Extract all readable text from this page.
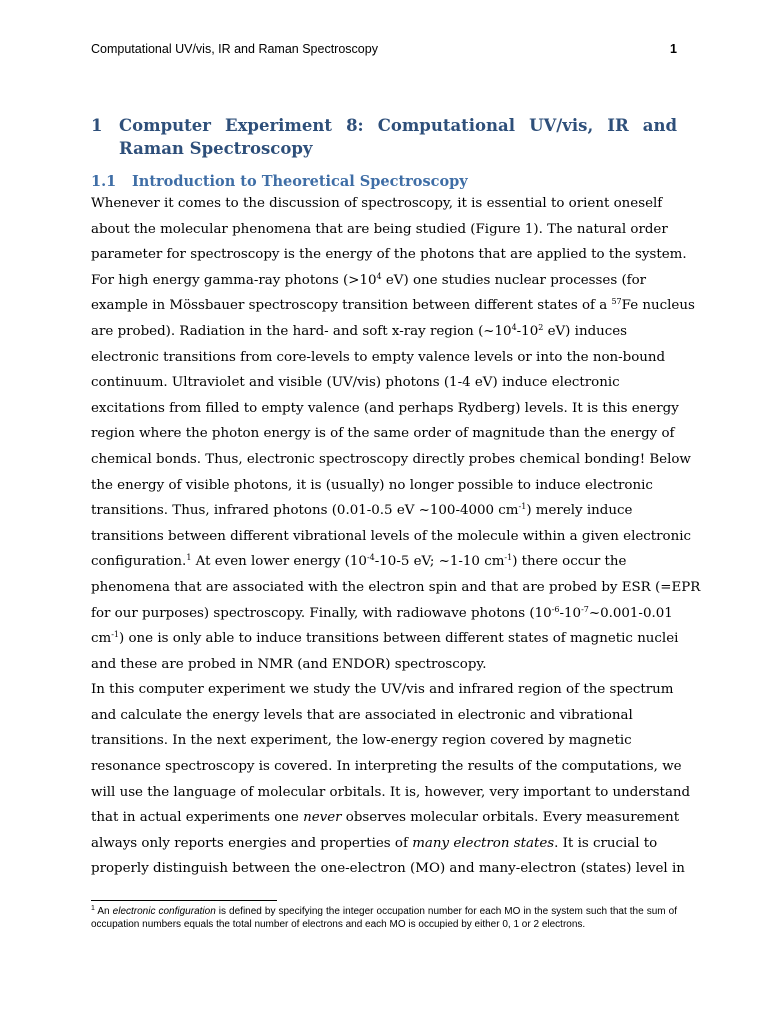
Computational UV/vis, IR and Raman Spectroscopy	1
1 Computer Experiment 8: Computational UV/vis, IR and Raman Spectroscopy
1.1 Introduction to Theoretical Spectroscopy
Whenever it comes to the discussion of spectroscopy, it is essential to orient oneself
about the molecular phenomena that are being studied (Figure 1). The natural order
parameter for spectroscopy is the energy of the photons that are applied to the system.
For high energy gamma-ray photons ($>10^4$ eV) one studies nuclear processes (for
example in Mössbauer spectroscopy transition between different states of a $^{57}$Fe nucleus
are probed). Radiation in the hard- and soft x-ray region ($\sim 10^4-10^2$ eV) induces
electronic transitions from core-levels to empty valence levels or into the non-bound
continuum. Ultraviolet and visible (UV/vis) photons (1-4 eV) induce electronic
excitations from filled to empty valence (and perhaps Rydberg) levels. It is this energy
region where the photon energy is of the same order of magnitude than the energy of
chemical bonds. Thus, electronic spectroscopy directly probes chemical bonding! Below
the energy of visible photons, it is (usually) no longer possible to induce electronic
transitions. Thus, infrared photons (0.01-0.5 eV ~100-4000 $cm^{-1}$) merely induce
transitions between different vibrational levels of the molecule within a given electronic
configuration.$^1$ At even lower energy ($10^{-4}-10-5$ eV; ~1-10 $cm^{-1}$) there occur the
phenomena that are associated with the electron spin and that are probed by ESR (=EPR
for our purposes) spectroscopy. Finally, with radiowave photons ($10^{-6}-10^{-7}\sim 0.001-0.01$
$cm^{-1}$) one is only able to induce transitions between different states of magnetic nuclei
and these are probed in NMR (and ENDOR) spectroscopy.
In this computer experiment we study the UV/vis and infrared region of the spectrum
and calculate the energy levels that are associated in electronic and vibrational
transitions. In the next experiment, the low-energy region covered by magnetic
resonance spectroscopy is covered. In interpreting the results of the computations, we
will use the language of molecular orbitals. It is, however, very important to understand
that in actual experiments one never observes molecular orbitals. Every measurement
always only reports energies and properties of many electron states. It is crucial to
properly distinguish between the one-electron (MO) and many-electron (states) level in
$^1$ An electronic configuration is defined by specifying the integer occupation number for each MO in the system such that the sum of occupation numbers equals the total number of electrons and each MO is occupied by either 0, 1 or 2 electrons.
